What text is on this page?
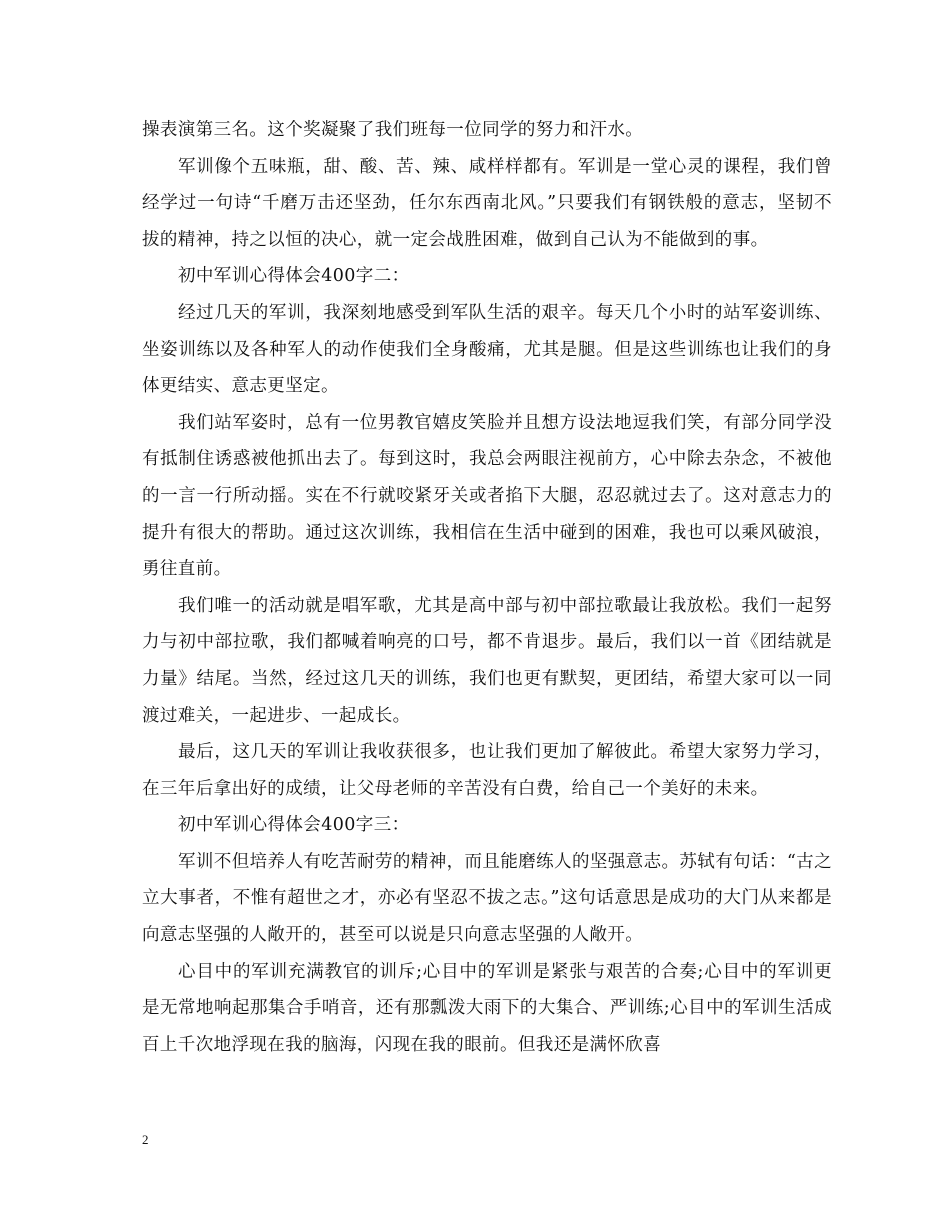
操表演第三名。这个奖凝聚了我们班每一位同学的努力和汗水。

军训像个五味瓶，甜、酸、苦、辣、咸样样都有。军训是一堂心灵的课程，我们曾经学过一句诗“千磨万击还坚劲，任尔东西南北风。”只要我们有钢铁般的意志，坚韧不拔的精神，持之以恒的决心，就一定会战胜困难，做到自己认为不能做到的事。

初中军训心得体会400字二：

经过几天的军训，我深刻地感受到军队生活的艰辛。每天几个小时的站军姿训练、坐姿训练以及各种军人的动作使我们全身酸痛，尤其是腿。但是这些训练也让我们的身体更结实、意志更坚定。

我们站军姿时，总有一位男教官嬉皮笑脸并且想方设法地逗我们笑，有部分同学没有抵制住诱惑被他抓出去了。每到这时，我总会两眼注视前方，心中除去杂念，不被他的一言一行所动摇。实在不行就咬紧牙关或者掐下大腿，忍忍就过去了。这对意志力的提升有很大的帮助。通过这次训练，我相信在生活中碰到的困难，我也可以乘风破浪，勇往直前。

我们唯一的活动就是唱军歌，尤其是高中部与初中部拉歌最让我放松。我们一起努力与初中部拉歌，我们都喊着响亮的口号，都不肯退步。最后，我们以一首《团结就是力量》结尾。当然，经过这几天的训练，我们也更有默契，更团结，希望大家可以一同渡过难关，一起进步、一起成长。

最后，这几天的军训让我收获很多，也让我们更加了解彼此。希望大家努力学习，在三年后拿出好的成绩，让父母老师的辛苦没有白费，给自己一个美好的未来。

初中军训心得体会400字三：

军训不但培养人有吃苦耐劳的精神，而且能磨练人的坚强意志。苏轼有句话：“古之立大事者，不惟有超世之才，亦必有坚忍不拔之志。”这句话意思是成功的大门从来都是向意志坚强的人敞开的，甚至可以说是只向意志坚强的人敞开。

心目中的军训充满教官的训斥;心目中的军训是紧张与艰苦的合奏;心目中的军训更是无常地响起那集合手哨音，还有那瓢泼大雨下的大集合、严训练;心目中的军训生活成百上千次地浮现在我的脑海，闪现在我的眼前。但我还是满怀欣喜

2
